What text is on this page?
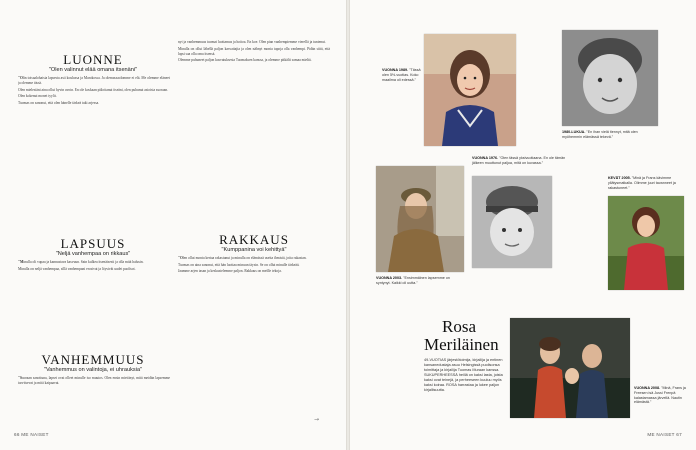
LUONNE
"Olen valinnut elää omana itsenäni"

"Olin toisaalohaisia lapsesta asti koulussa ja Marokossa. Ja olemassaolomme ei elä. Me olemme eläneet ja olemme tässä.

Olen mielestäni aina ollut hyvin avoin. En ole koskaan piilottanut itseäni, olen puhunut asioista suoraan.

Olen kokenut monet tyylit.

Tuomas on sanonut, että olen hänelle tärkeä tuki arjessa.

LAPSUUS
"Neljä vanhempaa on rikkaus"

"Minulla oli vapaa ja kannustava kasvuun. Sain kulkea itsenäisesti ja olla mitä halusin.

Minulla on neljä vanhempaa, sillä vanhempani erosivat ja löysivät uudet puolisot.

VANHEMMUUS
"Vanhemmus on valintoja, ei uhrauksia"

"Suoraan sanottuna, lapset ovat olleet minulle iso muutos. Olen ensin miettinyt, mitä meidän lapsemme tarvitsevat ja mitä kaipaavat.

nyt ja vanhemmuus tuomat luottamus ja hoitoa. En koe. Olen pian vanhempiemme vierellä ja tuntenut.

Minulla on ollut lähellä paljon kasvattajia ja olen nähnyt monia tapoja olla vanhempi. Pidän siitä, että lapsi saa olla oma itsensä.

Olemme puhuneet paljon kasvatuksesta Tuomaksen kanssa, ja olemme pitkälti samaa mieltä.

RAKKAUS
"Kumppanina voi kehittyä"

"Olen ollut monta kertaa rakastunut ja minulla on elämässä useita ihmisiä, joita rakastan.

Tuomas on aina sanonut, että hän luottaa minuun täysin. Se on ollut minulle tärkeää.

Jaamme arjen tasan ja keskustelemme paljon. Rakkaus on meille tekoja.

66 ME NAISET
VUONNA 1989. "Tässä olen 5½-vuotias. Koko maailma oli edessä."
1980-LUKUA. "En ihan vielä tiennyt, mitä olen myöhemmin elämässä tekevä."
VUONNA 1976. "Olen tässä yksivuotiaana. En ole tämän jälkeen muuttunut paljoa, mitä on kuvassa."
KEVÄT 2005. "Minä ja Frans kävimme yllätysmatkalla. Olimme juuri tavanneet ja rakastuneet."
VUONNA 2003. "Ensimmäinen lapsemme on syntynyt. Kaikki oli uutta."
VUONNA 2008. "Minä, Frans ja Freesen isä Jussi Frenpä kalastamassa järvellä. Nautin elämästä."
Rosa
Meriläinen
49-VUOTIAS järjestötoimija, kirjailija ja entinen kansanedustaja asuu Helsingissä puolisonsa toimittaja ja kirjailija Tuomas Muraan kanssa. SUKUPERHEESSÄ heillä on kaksi lasta, joista kaksi ovat teinejä, ja perheeseen kuuluu myös kaksi koiraa. ROSA harrastaa ja lukee paljon kirjallisuutta.
→
ME NAISET 67
